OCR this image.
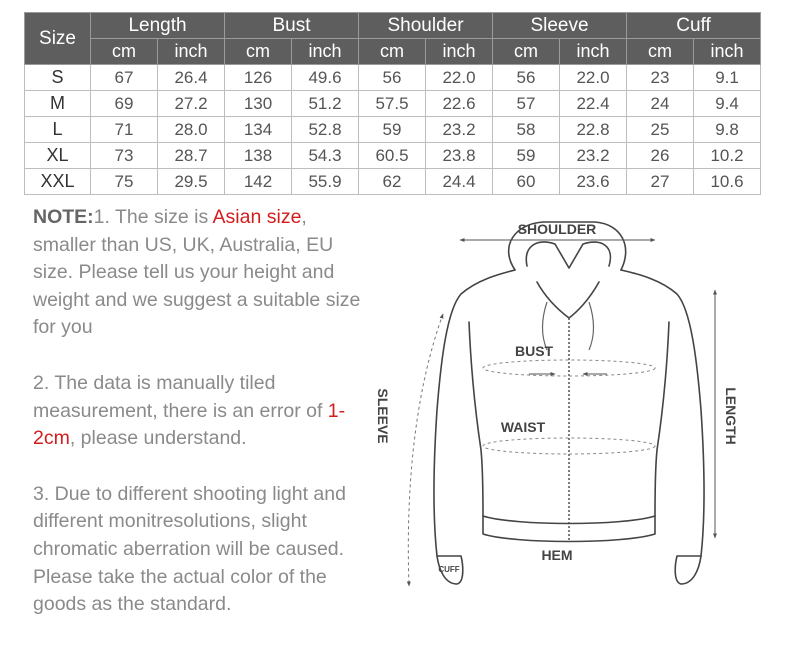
Size	Length		Bust		Shoulder		Sleeve		Cuff	
	cm	inch	cm	inch	cm	inch	cm	inch	cm	inch
S	67	26.4	126	49.6	56	22.0	56	22.0	23	9.1
M	69	27.2	130	51.2	57.5	22.6	57	22.4	24	9.4
L	71	28.0	134	52.8	59	23.2	58	22.8	25	9.8
XL	73	28.7	138	54.3	60.5	23.8	59	23.2	26	10.2
XXL	75	29.5	142	55.9	62	24.4	60	23.6	27	10.6

NOTE:1. The size is Asian size, smaller than US, UK, Australia, EU size. Please tell us your height and weight and we suggest a suitable size for you

2. The data is manually tiled measurement, there is an error of 1-2cm, please understand.

3. Due to different shooting light and different monitresolutions, slight chromatic aberration will be caused. Please take the actual color of the goods as the standard.

SHOULDER
BUST
WAIST
HEM
SLEEVE	LENGTH
CUFF
